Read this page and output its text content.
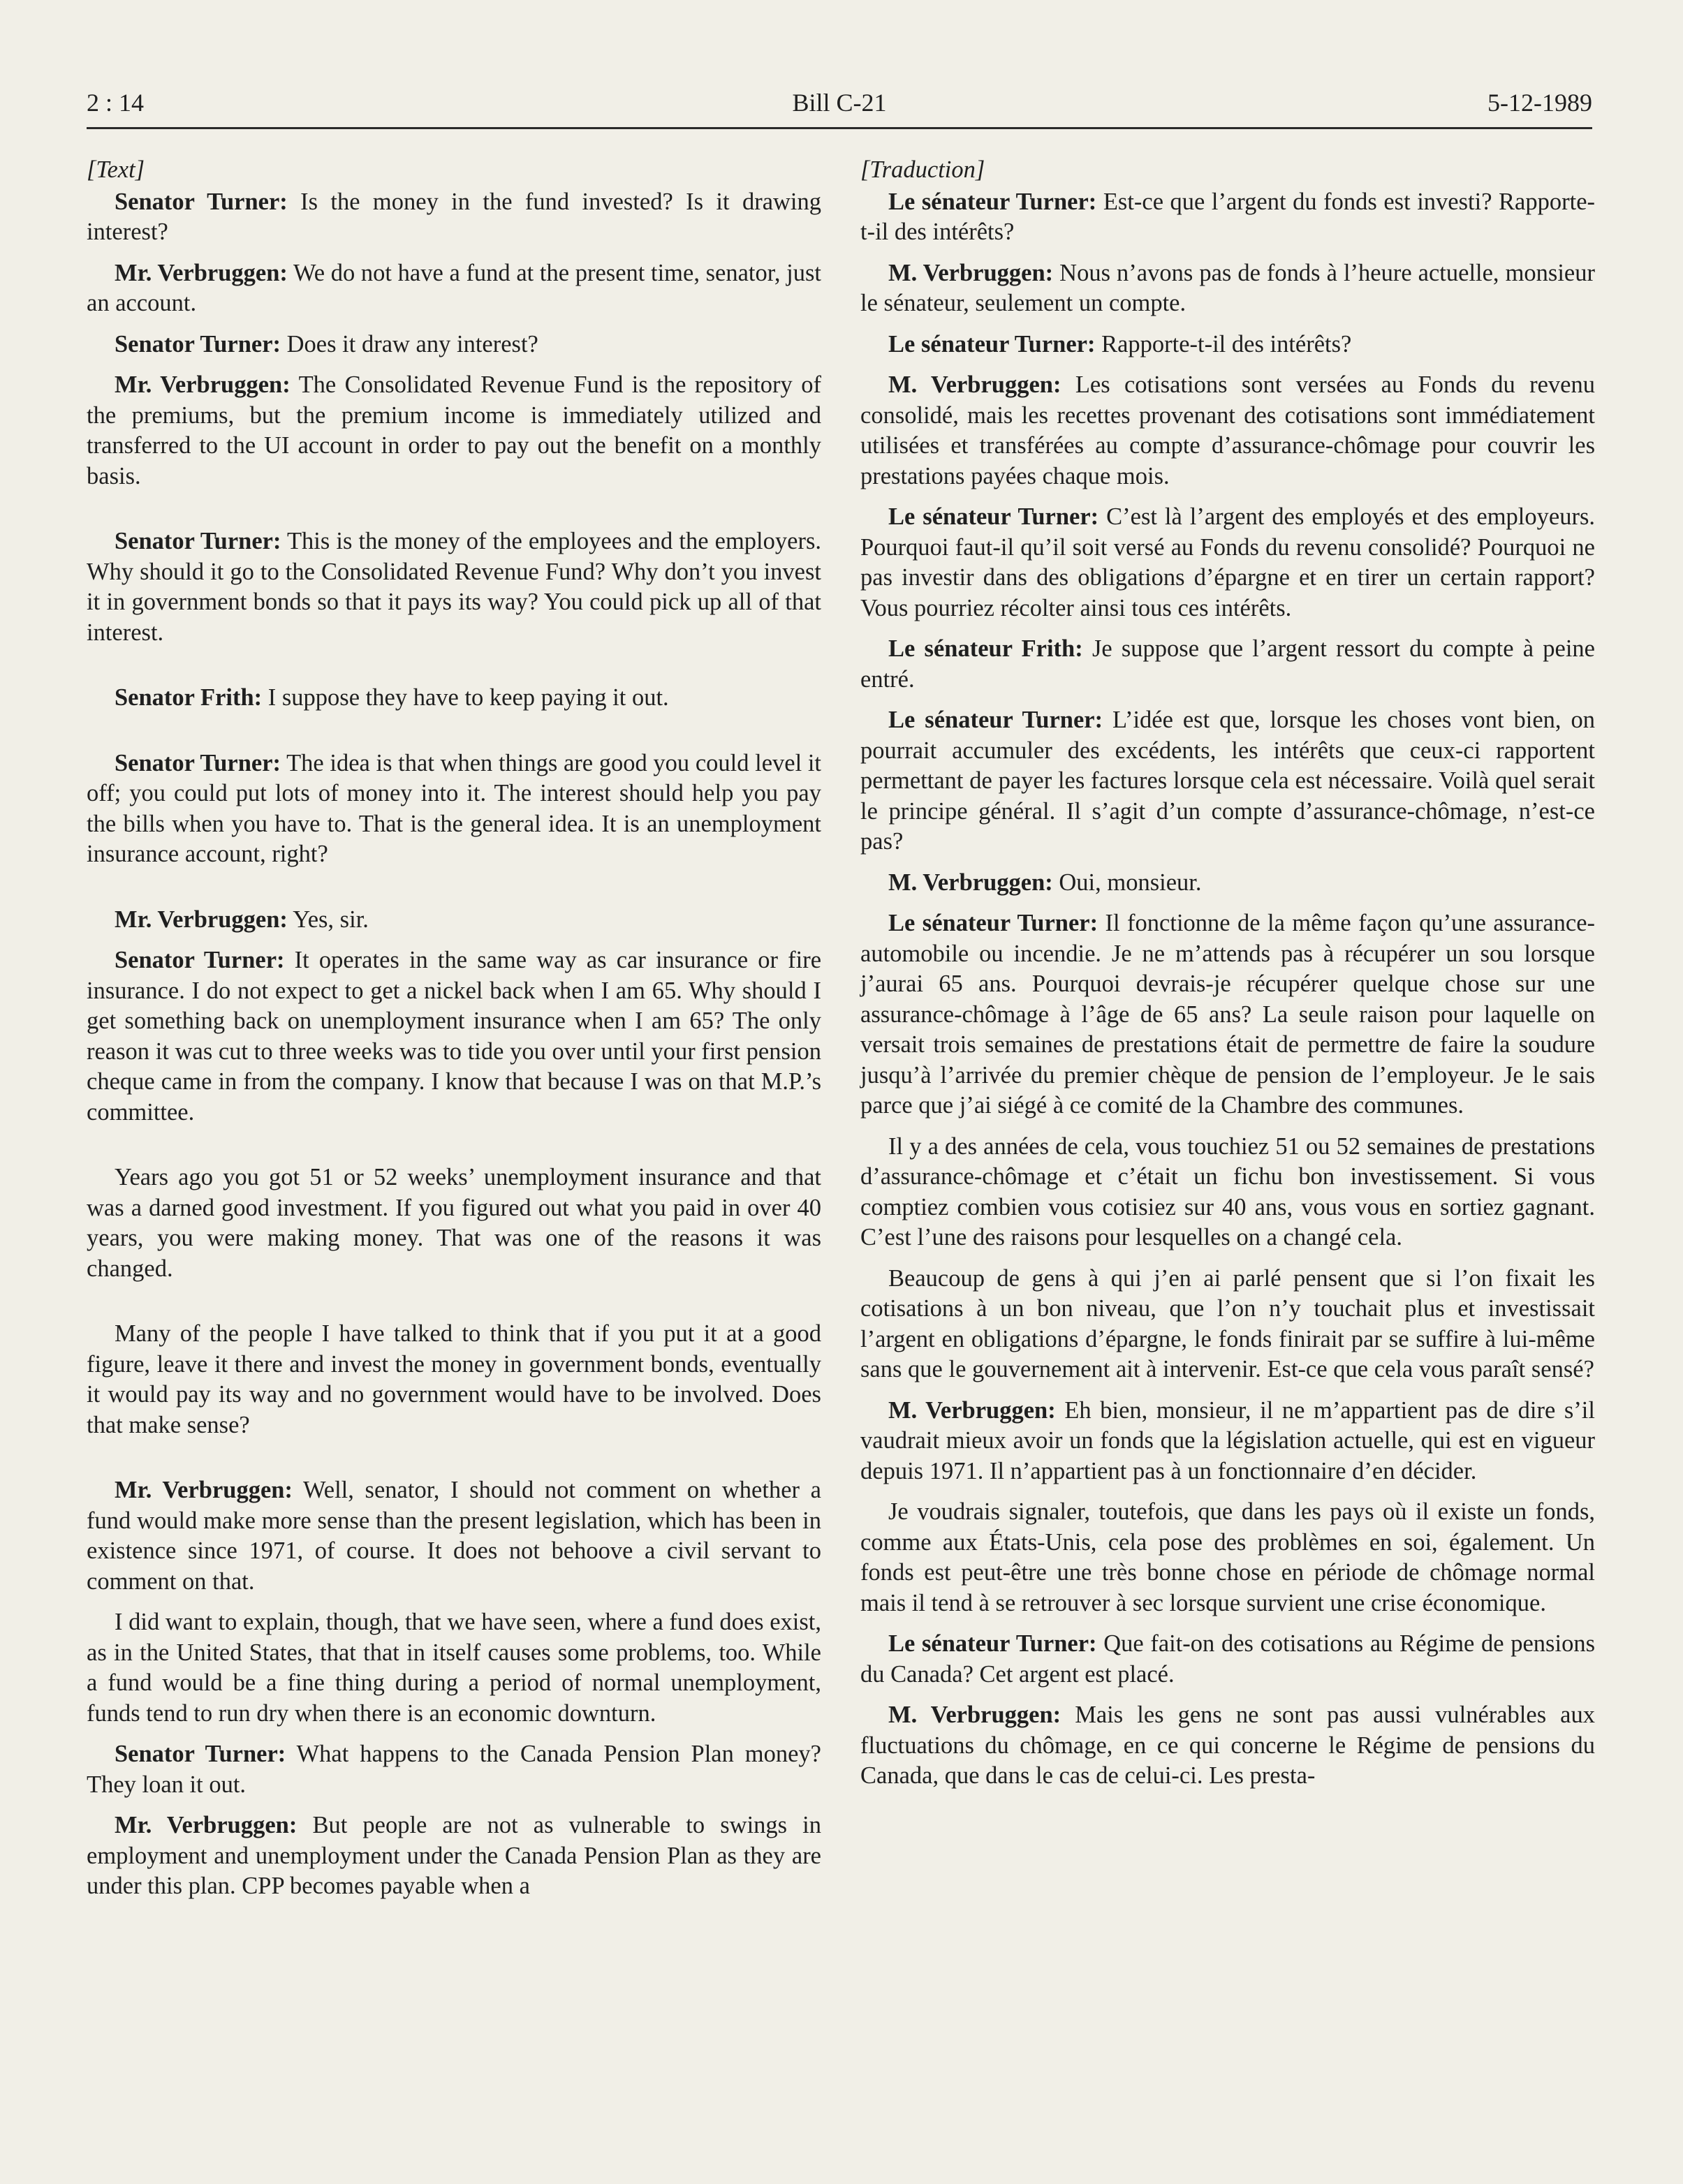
2 : 14	Bill C-21	5-12-1989
[Text]

Senator Turner: Is the money in the fund invested? Is it drawing interest?

Mr. Verbruggen: We do not have a fund at the present time, senator, just an account.

Senator Turner: Does it draw any interest?

Mr. Verbruggen: The Consolidated Revenue Fund is the repository of the premiums, but the premium income is immediately utilized and transferred to the UI account in order to pay out the benefit on a monthly basis.

Senator Turner: This is the money of the employees and the employers. Why should it go to the Consolidated Revenue Fund? Why don’t you invest it in government bonds so that it pays its way? You could pick up all of that interest.

Senator Frith: I suppose they have to keep paying it out.

Senator Turner: The idea is that when things are good you could level it off; you could put lots of money into it. The interest should help you pay the bills when you have to. That is the general idea. It is an unemployment insurance account, right?

Mr. Verbruggen: Yes, sir.

Senator Turner: It operates in the same way as car insurance or fire insurance. I do not expect to get a nickel back when I am 65. Why should I get something back on unemployment insurance when I am 65? The only reason it was cut to three weeks was to tide you over until your first pension cheque came in from the company. I know that because I was on that M.P.’s committee.

Years ago you got 51 or 52 weeks’ unemployment insurance and that was a darned good investment. If you figured out what you paid in over 40 years, you were making money. That was one of the reasons it was changed.

Many of the people I have talked to think that if you put it at a good figure, leave it there and invest the money in government bonds, eventually it would pay its way and no government would have to be involved. Does that make sense?

Mr. Verbruggen: Well, senator, I should not comment on whether a fund would make more sense than the present legislation, which has been in existence since 1971, of course. It does not behoove a civil servant to comment on that.

I did want to explain, though, that we have seen, where a fund does exist, as in the United States, that that in itself causes some problems, too. While a fund would be a fine thing during a period of normal unemployment, funds tend to run dry when there is an economic downturn.

Senator Turner: What happens to the Canada Pension Plan money? They loan it out.

Mr. Verbruggen: But people are not as vulnerable to swings in employment and unemployment under the Canada Pension Plan as they are under this plan. CPP becomes payable when a

[Traduction]

Le sénateur Turner: Est-ce que l’argent du fonds est investi? Rapporte-t-il des intérêts?

M. Verbruggen: Nous n’avons pas de fonds à l’heure actuelle, monsieur le sénateur, seulement un compte.

Le sénateur Turner: Rapporte-t-il des intérêts?

M. Verbruggen: Les cotisations sont versées au Fonds du revenu consolidé, mais les recettes provenant des cotisations sont immédiatement utilisées et transférées au compte d’assurance-chômage pour couvrir les prestations payées chaque mois.

Le sénateur Turner: C’est là l’argent des employés et des employeurs. Pourquoi faut-il qu’il soit versé au Fonds du revenu consolidé? Pourquoi ne pas investir dans des obligations d’épargne et en tirer un certain rapport? Vous pourriez récolter ainsi tous ces intérêts.

Le sénateur Frith: Je suppose que l’argent ressort du compte à peine entré.

Le sénateur Turner: L’idée est que, lorsque les choses vont bien, on pourrait accumuler des excédents, les intérêts que ceux-ci rapportent permettant de payer les factures lorsque cela est nécessaire. Voilà quel serait le principe général. Il s’agit d’un compte d’assurance-chômage, n’est-ce pas?

M. Verbruggen: Oui, monsieur.

Le sénateur Turner: Il fonctionne de la même façon qu’une assurance-automobile ou incendie. Je ne m’attends pas à récupérer un sou lorsque j’aurai 65 ans. Pourquoi devrais-je récupérer quelque chose sur une assurance-chômage à l’âge de 65 ans? La seule raison pour laquelle on versait trois semaines de prestations était de permettre de faire la soudure jusqu’à l’arrivée du premier chèque de pension de l’employeur. Je le sais parce que j’ai siégé à ce comité de la Chambre des communes.

Il y a des années de cela, vous touchiez 51 ou 52 semaines de prestations d’assurance-chômage et c’était un fichu bon investissement. Si vous comptiez combien vous cotisiez sur 40 ans, vous vous en sortiez gagnant. C’est l’une des raisons pour lesquelles on a changé cela.

Beaucoup de gens à qui j’en ai parlé pensent que si l’on fixait les cotisations à un bon niveau, que l’on n’y touchait plus et investissait l’argent en obligations d’épargne, le fonds finirait par se suffire à lui-même sans que le gouvernement ait à intervenir. Est-ce que cela vous paraît sensé?

M. Verbruggen: Eh bien, monsieur, il ne m’appartient pas de dire s’il vaudrait mieux avoir un fonds que la législation actuelle, qui est en vigueur depuis 1971. Il n’appartient pas à un fonctionnaire d’en décider.

Je voudrais signaler, toutefois, que dans les pays où il existe un fonds, comme aux États-Unis, cela pose des problèmes en soi, également. Un fonds est peut-être une très bonne chose en période de chômage normal mais il tend à se retrouver à sec lorsque survient une crise économique.

Le sénateur Turner: Que fait-on des cotisations au Régime de pensions du Canada? Cet argent est placé.

M. Verbruggen: Mais les gens ne sont pas aussi vulnérables aux fluctuations du chômage, en ce qui concerne le Régime de pensions du Canada, que dans le cas de celui-ci. Les presta-
